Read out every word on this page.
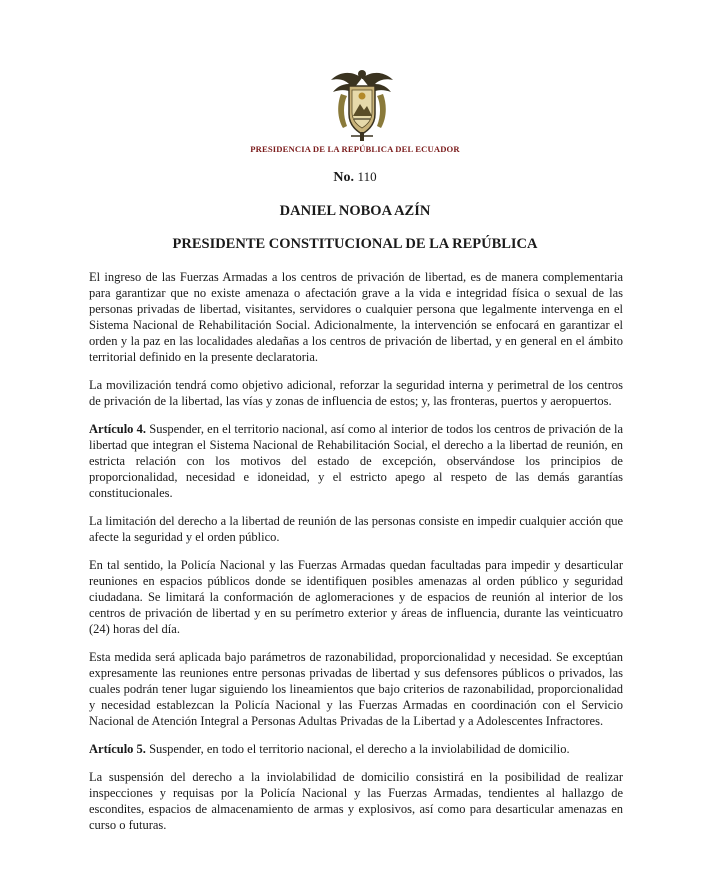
PRESIDENCIA DE LA REPÚBLICA DEL ECUADOR
No. 110
DANIEL NOBOA AZÍN
PRESIDENTE CONSTITUCIONAL DE LA REPÚBLICA

El ingreso de las Fuerzas Armadas a los centros de privación de libertad, es de manera complementaria para garantizar que no existe amenaza o afectación grave a la vida e integridad física o sexual de las personas privadas de libertad, visitantes, servidores o cualquier persona que legalmente intervenga en el Sistema Nacional de Rehabilitación Social. Adicionalmente, la intervención se enfocará en garantizar el orden y la paz en las localidades aledañas a los centros de privación de libertad, y en general en el ámbito territorial definido en la presente declaratoria.

La movilización tendrá como objetivo adicional, reforzar la seguridad interna y perimetral de los centros de privación de la libertad, las vías y zonas de influencia de estos; y, las fronteras, puertos y aeropuertos.

Artículo 4. Suspender, en el territorio nacional, así como al interior de todos los centros de privación de la libertad que integran el Sistema Nacional de Rehabilitación Social, el derecho a la libertad de reunión, en estricta relación con los motivos del estado de excepción, observándose los principios de proporcionalidad, necesidad e idoneidad, y el estricto apego al respeto de las demás garantías constitucionales.

La limitación del derecho a la libertad de reunión de las personas consiste en impedir cualquier acción que afecte la seguridad y el orden público.

En tal sentido, la Policía Nacional y las Fuerzas Armadas quedan facultadas para impedir y desarticular reuniones en espacios públicos donde se identifiquen posibles amenazas al orden público y seguridad ciudadana. Se limitará la conformación de aglomeraciones y de espacios de reunión al interior de los centros de privación de libertad y en su perímetro exterior y áreas de influencia, durante las veinticuatro (24) horas del día.

Esta medida será aplicada bajo parámetros de razonabilidad, proporcionalidad y necesidad. Se exceptúan expresamente las reuniones entre personas privadas de libertad y sus defensores públicos o privados, las cuales podrán tener lugar siguiendo los lineamientos que bajo criterios de razonabilidad, proporcionalidad y necesidad establezcan la Policía Nacional y las Fuerzas Armadas en coordinación con el Servicio Nacional de Atención Integral a Personas Adultas Privadas de la Libertad y a Adolescentes Infractores.

Artículo 5. Suspender, en todo el territorio nacional, el derecho a la inviolabilidad de domicilio.

La suspensión del derecho a la inviolabilidad de domicilio consistirá en la posibilidad de realizar inspecciones y requisas por la Policía Nacional y las Fuerzas Armadas, tendientes al hallazgo de escondites, espacios de almacenamiento de armas y explosivos, así como para desarticular amenazas en curso o futuras.
